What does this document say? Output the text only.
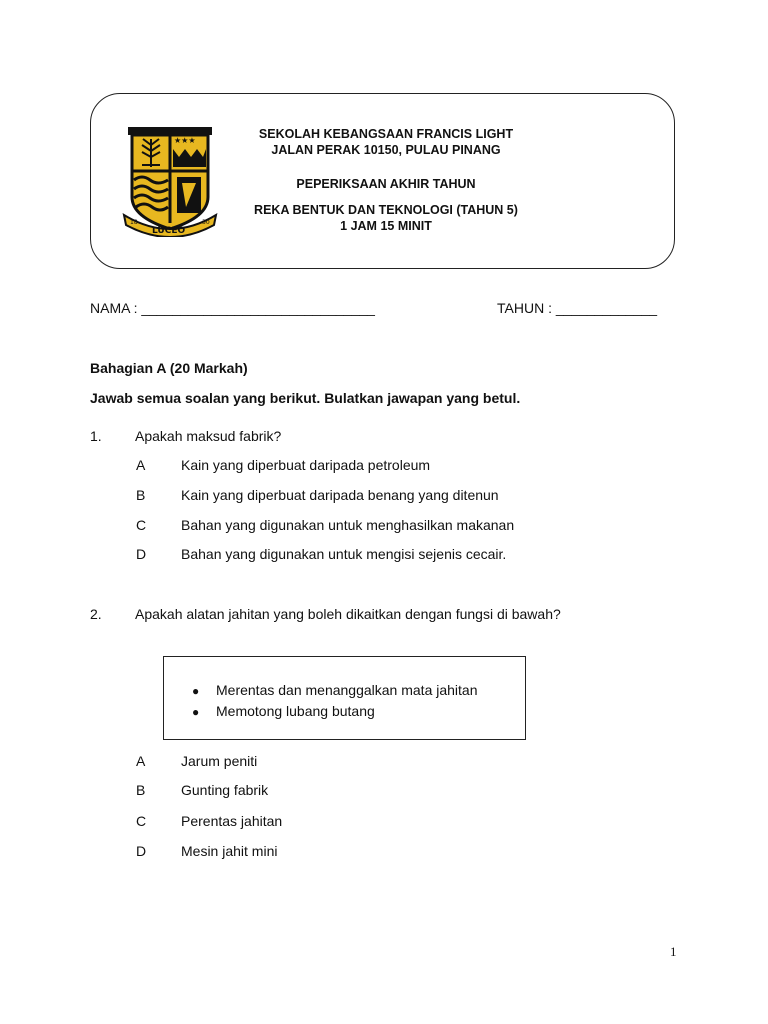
★★★
18
LUCEO
30
SEKOLAH KEBANGSAAN FRANCIS LIGHT
JALAN PERAK 10150, PULAU PINANG
PEPERIKSAAN AKHIR TAHUN
REKA BENTUK DAN TEKNOLOGI (TAHUN 5)
1 JAM 15 MINIT
NAMA : ______________________________	TAHUN : _____________
Bahagian A (20 Markah)
Jawab semua soalan yang berikut. Bulatkan jawapan yang betul.
1. Apakah maksud fabrik?
A	Kain yang diperbuat daripada petroleum
B	Kain yang diperbuat daripada benang yang ditenun
C Bahan yang digunakan untuk menghasilkan makanan
D Bahan yang digunakan untuk mengisi sejenis cecair.
2. Apakah alatan jahitan yang boleh dikaitkan dengan fungsi di bawah?
● Merentas dan menanggalkan mata jahitan
● Memotong lubang butang
A	Jarum peniti
B	Gunting fabrik
C Perentas jahitan
D Mesin jahit mini
1
